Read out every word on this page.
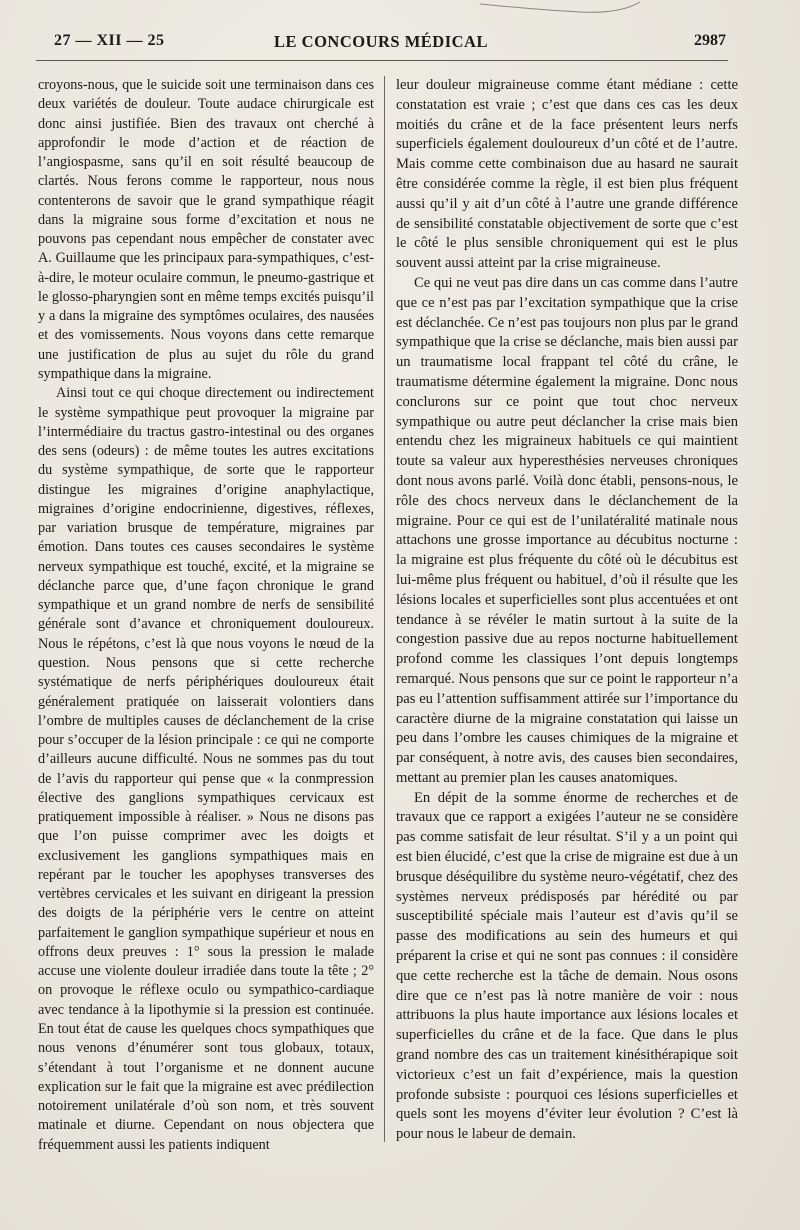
27 — XII — 25	LE CONCOURS MÉDICAL	2987

croyons-nous, que le suicide soit une terminaison dans ces deux variétés de douleur. Toute audace chirurgicale est donc ainsi justifiée. Bien des travaux ont cherché à approfondir le mode d’action et de réaction de l’angiospasme, sans qu’il en soit résulté beaucoup de clartés. Nous ferons comme le rapporteur, nous nous contenterons de savoir que le grand sympathique réagit dans la migraine sous forme d’excitation et nous ne pouvons pas cependant nous empêcher de constater avec A. Guillaume que les principaux para-sympathiques, c’est-à-dire, le moteur oculaire commun, le pneumo-gastrique et le glosso-pharyngien sont en même temps excités puisqu’il y a dans la migraine des symptômes oculaires, des nausées et des vomissements. Nous voyons dans cette remarque une justification de plus au sujet du rôle du grand sympathique dans la migraine.

Ainsi tout ce qui choque directement ou indirectement le système sympathique peut provoquer la migraine par l’intermédiaire du tractus gastro-intestinal ou des organes des sens (odeurs) : de même toutes les autres excitations du système sympathique, de sorte que le rapporteur distingue les migraines d’origine anaphylactique, migraines d’origine endocrinienne, digestives, réflexes, par variation brusque de température, migraines par émotion. Dans toutes ces causes secondaires le système nerveux sympathique est touché, excité, et la migraine se déclanche parce que, d’une façon chronique le grand sympathique et un grand nombre de nerfs de sensibilité générale sont d’avance et chroniquement douloureux. Nous le répétons, c’est là que nous voyons le nœud de la question. Nous pensons que si cette recherche systématique de nerfs périphériques douloureux était généralement pratiquée on laisserait volontiers dans l’ombre de multiples causes de déclanchement de la crise pour s’occuper de la lésion principale : ce qui ne comporte d’ailleurs aucune difficulté. Nous ne sommes pas du tout de l’avis du rapporteur qui pense que « la conmpression élective des ganglions sympathiques cervicaux est pratiquement impossible à réaliser. » Nous ne disons pas que l’on puisse comprimer avec les doigts et exclusivement les ganglions sympathiques mais en repérant par le toucher les apophyses transverses des vertèbres cervicales et les suivant en dirigeant la pression des doigts de la périphérie vers le centre on atteint parfaitement le ganglion sympathique supérieur et nous en offrons deux preuves : 1° sous la pression le malade accuse une violente douleur irradiée dans toute la tête ; 2° on provoque le réflexe oculo ou sympathico-cardiaque avec tendance à la lipothymie si la pression est continuée. En tout état de cause les quelques chocs sympathiques que nous venons d’énumérer sont tous globaux, totaux, s’étendant à tout l’organisme et ne donnent aucune explication sur le fait que la migraine est avec prédilection notoirement unilatérale d’où son nom, et très souvent matinale et diurne. Cependant on nous objectera que fréquemment aussi les patients indiquent

leur douleur migraineuse comme étant médiane : cette constatation est vraie ; c’est que dans ces cas les deux moitiés du crâne et de la face présentent leurs nerfs superficiels également douloureux d’un côté et de l’autre. Mais comme cette combinaison due au hasard ne saurait être considérée comme la règle, il est bien plus fréquent aussi qu’il y ait d’un côté à l’autre une grande différence de sensibilité constatable objectivement de sorte que c’est le côté le plus sensible chroniquement qui est le plus souvent aussi atteint par la crise migraineuse.

Ce qui ne veut pas dire dans un cas comme dans l’autre que ce n’est pas par l’excitation sympathique que la crise est déclanchée. Ce n’est pas toujours non plus par le grand sympathique que la crise se déclanche, mais bien aussi par un traumatisme local frappant tel côté du crâne, le traumatisme détermine également la migraine. Donc nous conclurons sur ce point que tout choc nerveux sympathique ou autre peut déclancher la crise mais bien entendu chez les migraineux habituels ce qui maintient toute sa valeur aux hyperesthésies nerveuses chroniques dont nous avons parlé. Voilà donc établi, pensons-nous, le rôle des chocs nerveux dans le déclanchement de la migraine. Pour ce qui est de l’unilatéralité matinale nous attachons une grosse importance au décubitus nocturne : la migraine est plus fréquente du côté où le décubitus est lui-même plus fréquent ou habituel, d’où il résulte que les lésions locales et superficielles sont plus accentuées et ont tendance à se révéler le matin surtout à la suite de la congestion passive due au repos nocturne habituellement profond comme les classiques l’ont depuis longtemps remarqué. Nous pensons que sur ce point le rapporteur n’a pas eu l’attention suffisamment attirée sur l’importance du caractère diurne de la migraine constatation qui laisse un peu dans l’ombre les causes chimiques de la migraine et par conséquent, à notre avis, des causes bien secondaires, mettant au premier plan les causes anatomiques.

En dépit de la somme énorme de recherches et de travaux que ce rapport a exigées l’auteur ne se considère pas comme satisfait de leur résultat. S’il y a un point qui est bien élucidé, c’est que la crise de migraine est due à un brusque déséquilibre du système neuro-végétatif, chez des systèmes nerveux prédisposés par hérédité ou par susceptibilité spéciale mais l’auteur est d’avis qu’il se passe des modifications au sein des humeurs et qui préparent la crise et qui ne sont pas connues : il considère que cette recherche est la tâche de demain. Nous osons dire que ce n’est pas là notre manière de voir : nous attribuons la plus haute importance aux lésions locales et superficielles du crâne et de la face. Que dans le plus grand nombre des cas un traitement kinésithérapique soit victorieux c’est un fait d’expérience, mais la question profonde subsiste : pourquoi ces lésions superficielles et quels sont les moyens d’éviter leur évolution ? C’est là pour nous le labeur de demain.
